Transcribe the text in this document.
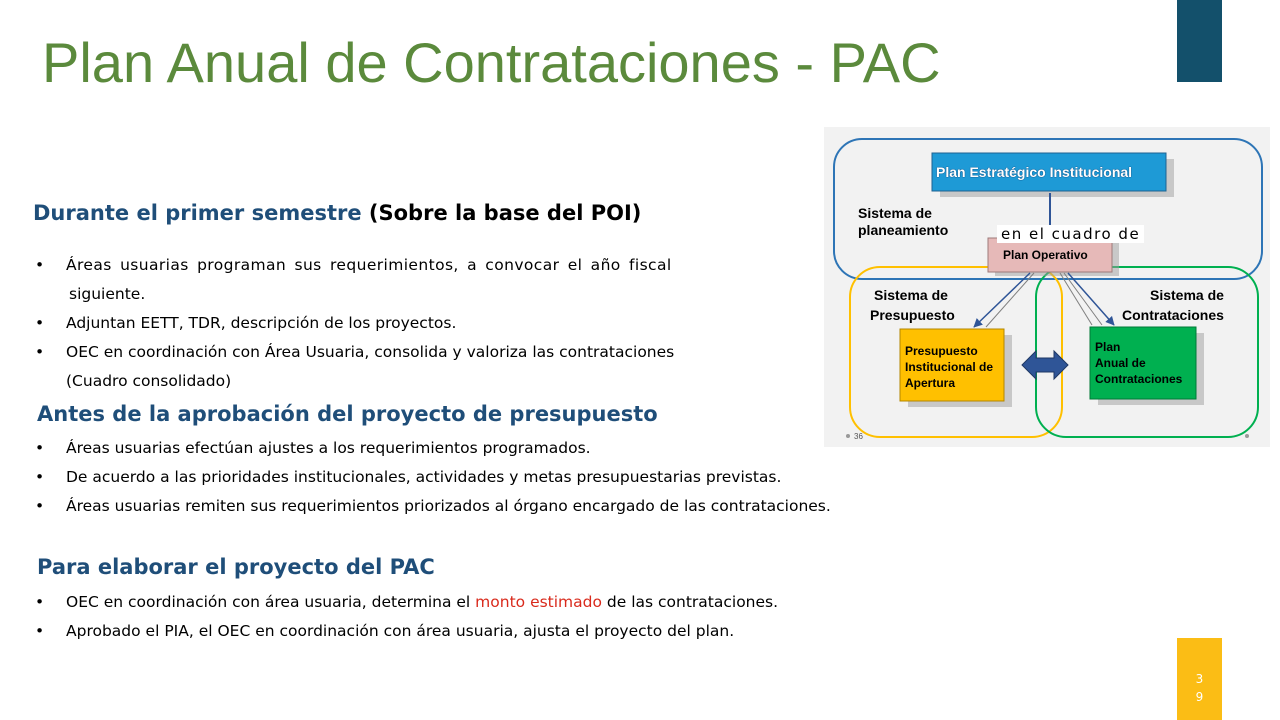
Plan Anual de Contrataciones - PAC
3
9
Durante el primer semestre (Sobre la base del POI)
• Áreas usuarias programan sus requerimientos, a convocar el año fiscal
siguiente.
• Adjuntan EETT, TDR, descripción de los proyectos.
• OEC en coordinación con Área Usuaria, consolida y valoriza las contrataciones
(Cuadro consolidado)
Antes de la aprobación del proyecto de presupuesto
• Áreas usuarias efectúan ajustes a los requerimientos programados.
• De acuerdo a las prioridades institucionales, actividades y metas presupuestarias previstas.
• Áreas usuarias remiten sus requerimientos priorizados al órgano encargado de las contrataciones.
Para elaborar el proyecto del PAC
• OEC en coordinación con área usuaria, determina el monto estimado de las contrataciones.
• Aprobado el PIA, el OEC en coordinación con área usuaria, ajusta el proyecto del plan.
Plan Estratégico Institucional
Sistema de
planeamiento
Plan Operativo
Sistema de
Presupuesto
Sistema de
Contrataciones
Presupuesto
Institucional de
Apertura
Plan
Anual de
Contrataciones
36
en el cuadro de
